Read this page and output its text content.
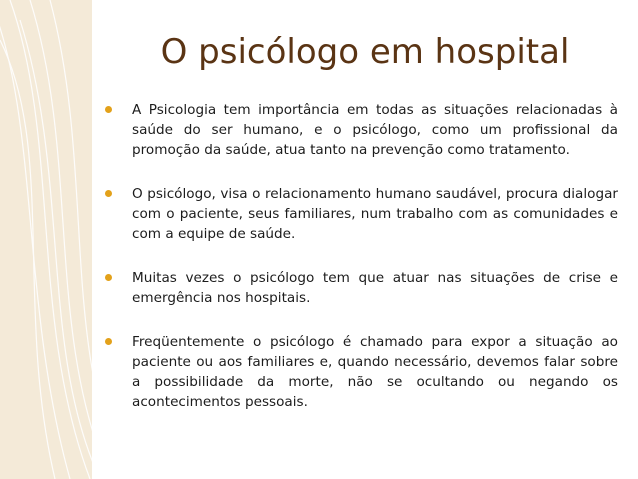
O psicólogo em hospital
A Psicologia tem importância em todas as situações relacionadas à saúde do ser humano, e o psicólogo, como um profissional da promoção da saúde, atua tanto na prevenção como tratamento.
O psicólogo, visa o relacionamento humano saudável, procura dialogar com o paciente, seus familiares, num trabalho com as comunidades e com a equipe de saúde.
Muitas vezes o psicólogo tem que atuar nas situações de crise e emergência nos hospitais.
Freqüentemente o psicólogo é chamado para expor a situação ao paciente ou aos familiares e, quando necessário, devemos falar sobre a possibilidade da morte, não se ocultando ou negando os acontecimentos pessoais.
